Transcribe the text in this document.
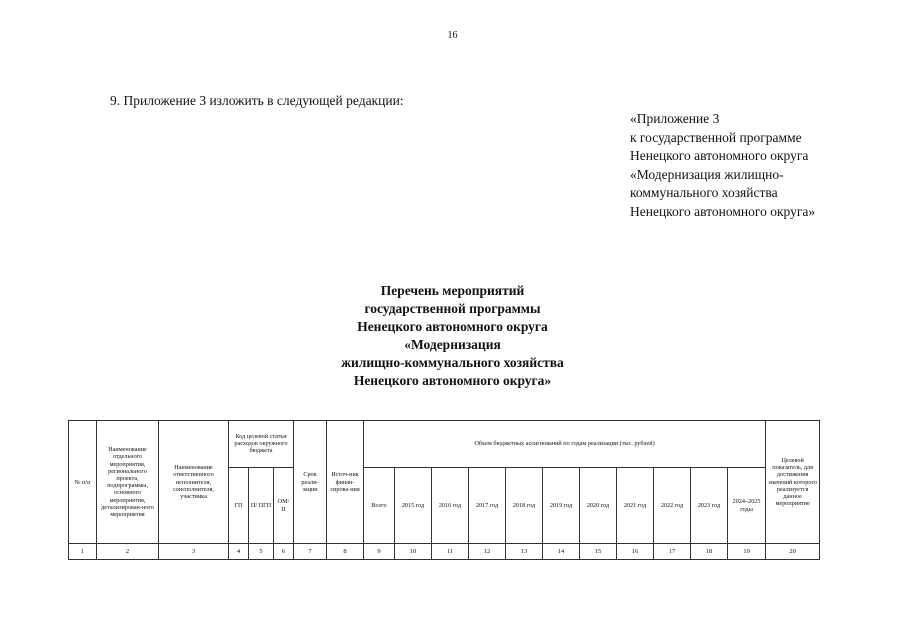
16
9. Приложение 3 изложить в следующей редакции:
«Приложение 3
к государственной программе
Ненецкого автономного округа
«Модернизация жилищно-
коммунального хозяйства
Ненецкого автономного округа»
Перечень мероприятий
государственной программы
Ненецкого автономного округа
«Модернизация
жилищно-коммунального хозяйства
Ненецкого автономного округа»
№ п/п	Наименование отдельного мероприятия, регионального проекта, подпрограммы, основного мероприятия, детализирован-ного мероприятия	Наименование ответственного исполнителя, соисполнителя, участника	Код целевой статьи расходов окружного бюджета			Срок реали-зации	Источ-ник финан-сирова-ния	Объем бюджетных ассигнований по годам реализации (тыс. рублей)											Целевой показатель, для достижения значений которого реализуется данное мероприятие
			ГП	П/ ПГП	ОМ/ П			Всего	2015 год	2016 год	2017 год	2018 год	2019 год	2020 год	2021 год	2022 год	2023 год	2024–2025 годы	
1	2	3	4	5	6	7	8	9	10	11	12	13	14	15	16	17	18	19	20
